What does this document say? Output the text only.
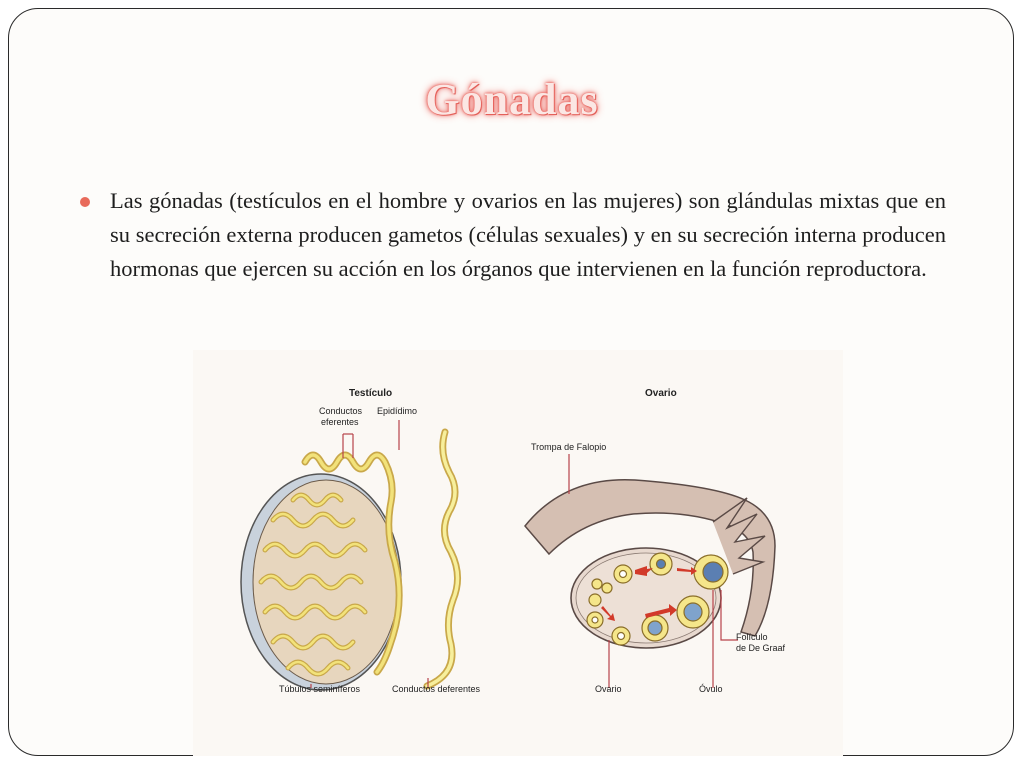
Gónadas
Las gónadas (testículos en el hombre y ovarios en las mujeres) son glándulas mixtas que en su secreción externa producen gametos (células sexuales) y en su secreción interna producen hormonas que ejercen su acción en los órganos que intervienen en la función reproductora.
Testículo
Conductos
eferentes
Epidídimo
Túbulos seminíferos	Conductos deferentes
Ovario
Trompa de Falopio
Folículo
de De Graaf
Ovario	Óvulo
